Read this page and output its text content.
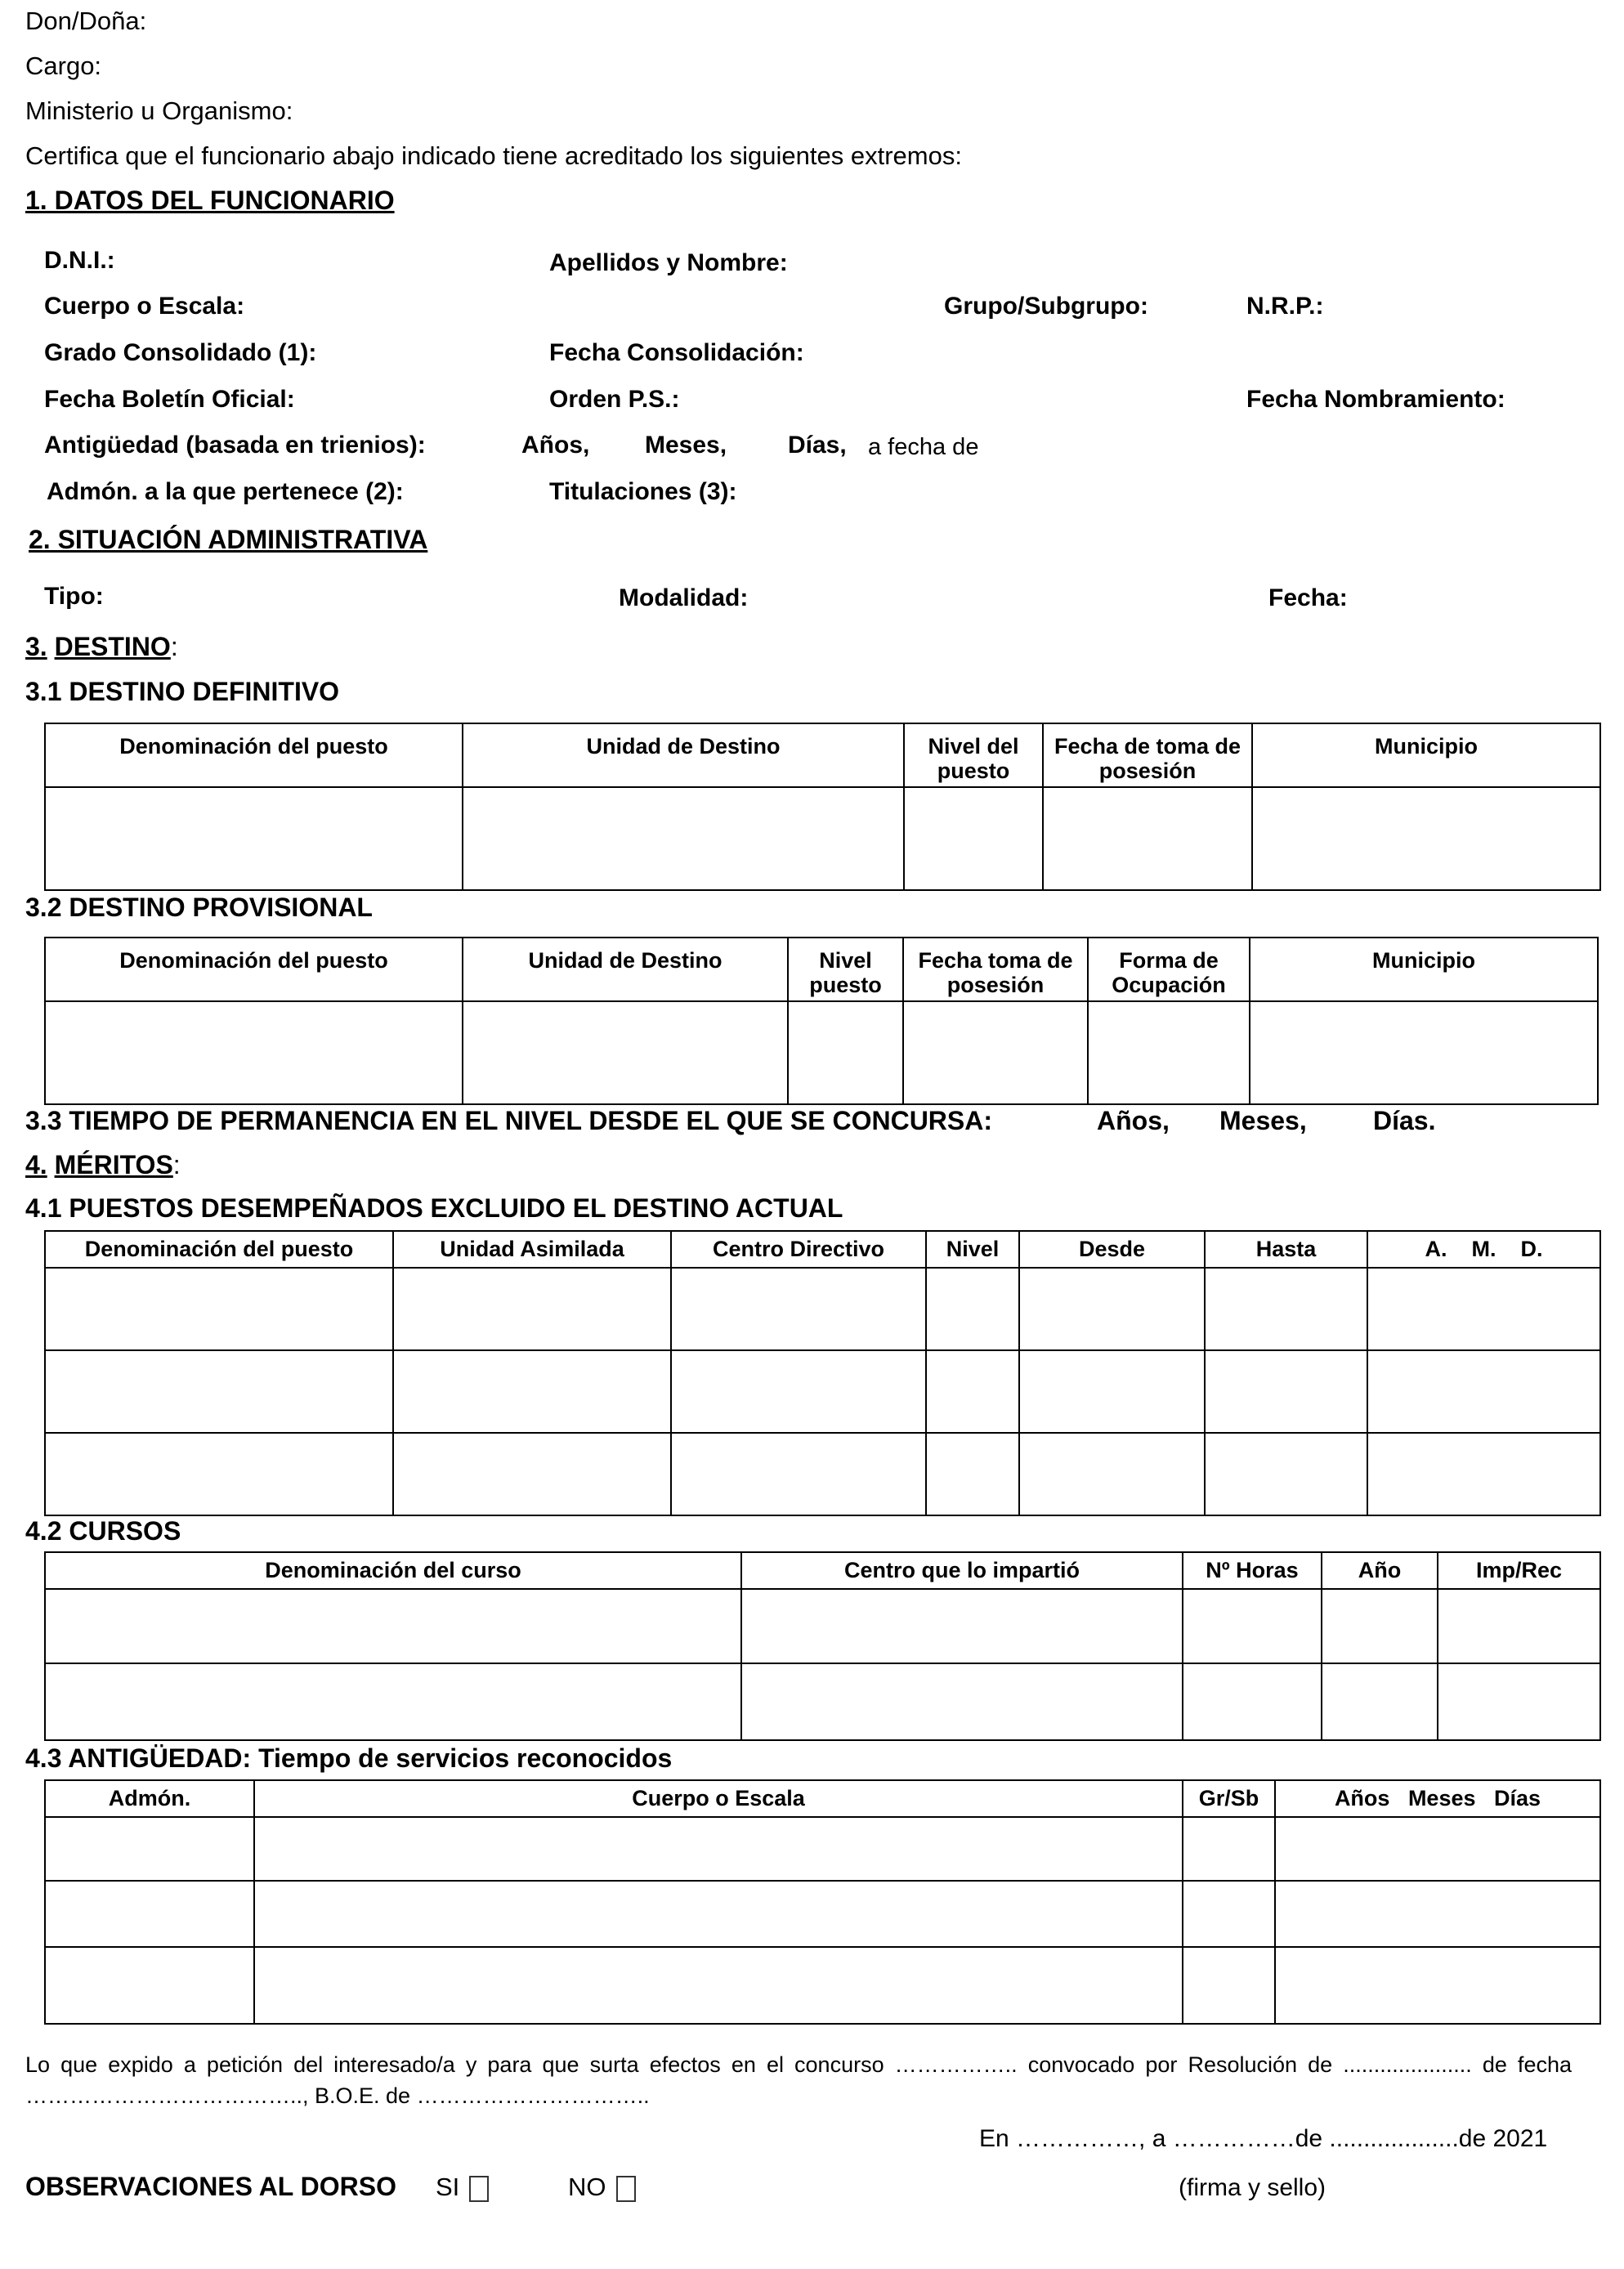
Don/Doña:
Cargo:
Ministerio u Organismo:
Certifica que el funcionario abajo indicado tiene acreditado los siguientes extremos:
1. DATOS DEL FUNCIONARIO
D.N.I.:	Apellidos y Nombre:
Cuerpo o Escala:	Grupo/Subgrupo:	N.R.P.:
Grado Consolidado (1):	Fecha Consolidación:
Fecha Boletín Oficial:	Orden P.S.:	Fecha Nombramiento:
Antigüedad (basada en trienios):	Años, Meses, Días, a fecha de
Admón. a la que pertenece (2):	Titulaciones (3):
2. SITUACIÓN ADMINISTRATIVA
Tipo:	Modalidad:	Fecha:
3. DESTINO:
3.1 DESTINO DEFINITIVO
Denominación del puesto	Unidad de Destino	Nivel del puesto	Fecha de toma de posesión	Municipio

3.2 DESTINO PROVISIONAL
Denominación del puesto	Unidad de Destino	Nivel puesto	Fecha toma de posesión	Forma de Ocupación	Municipio

3.3 TIEMPO DE PERMANENCIA EN EL NIVEL DESDE EL QUE SE CONCURSA:	Años, Meses,	Días.
4. MÉRITOS:
4.1 PUESTOS DESEMPEÑADOS EXCLUIDO EL DESTINO ACTUAL
Denominación del puesto	Unidad Asimilada	Centro Directivo	Nivel	Desde	Hasta	A.    M.    D.

4.2 CURSOS
Denominación del curso	Centro que lo impartió	Nº Horas	Año	Imp/Rec

4.3 ANTIGÜEDAD: Tiempo de servicios reconocidos
Admón.	Cuerpo o Escala	Gr/Sb	Años   Meses   Días

Lo que expido a petición del interesado/a y para que surta efectos en el concurso …………….. convocado por Resolución de ..................... de fecha ……………………………….., B.O.E. de …………………………..
En ……………, a ……………de ...................de 2021
OBSERVACIONES AL DORSO SI	NO	(firma y sello)
